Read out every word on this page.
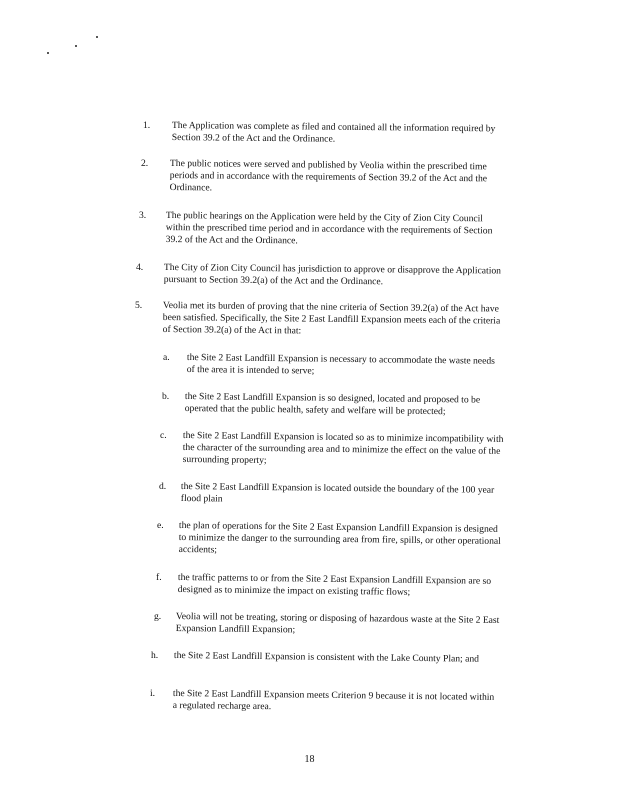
1. The Application was complete as filed and contained all the information required by Section 39.2 of the Act and the Ordinance.
2. The public notices were served and published by Veolia within the prescribed time periods and in accordance with the requirements of Section 39.2 of the Act and the Ordinance.
3. The public hearings on the Application were held by the City of Zion City Council within the prescribed time period and in accordance with the requirements of Section 39.2 of the Act and the Ordinance.
4. The City of Zion City Council has jurisdiction to approve or disapprove the Application pursuant to Section 39.2(a) of the Act and the Ordinance.
5. Veolia met its burden of proving that the nine criteria of Section 39.2(a) of the Act have been satisfied. Specifically, the Site 2 East Landfill Expansion meets each of the criteria of Section 39.2(a) of the Act in that:
a. the Site 2 East Landfill Expansion is necessary to accommodate the waste needs of the area it is intended to serve;
b. the Site 2 East Landfill Expansion is so designed, located and proposed to be operated that the public health, safety and welfare will be protected;
c. the Site 2 East Landfill Expansion is located so as to minimize incompatibility with the character of the surrounding area and to minimize the effect on the value of the surrounding property;
d. the Site 2 East Landfill Expansion is located outside the boundary of the 100 year flood plain
e. the plan of operations for the Site 2 East Expansion Landfill Expansion is designed to minimize the danger to the surrounding area from fire, spills, or other operational accidents;
f. the traffic patterns to or from the Site 2 East Expansion Landfill Expansion are so designed as to minimize the impact on existing traffic flows;
g. Veolia will not be treating, storing or disposing of hazardous waste at the Site 2 East Expansion Landfill Expansion;
h. the Site 2 East Landfill Expansion is consistent with the Lake County Plan; and
i. the Site 2 East Landfill Expansion meets Criterion 9 because it is not located within a regulated recharge area.
18
